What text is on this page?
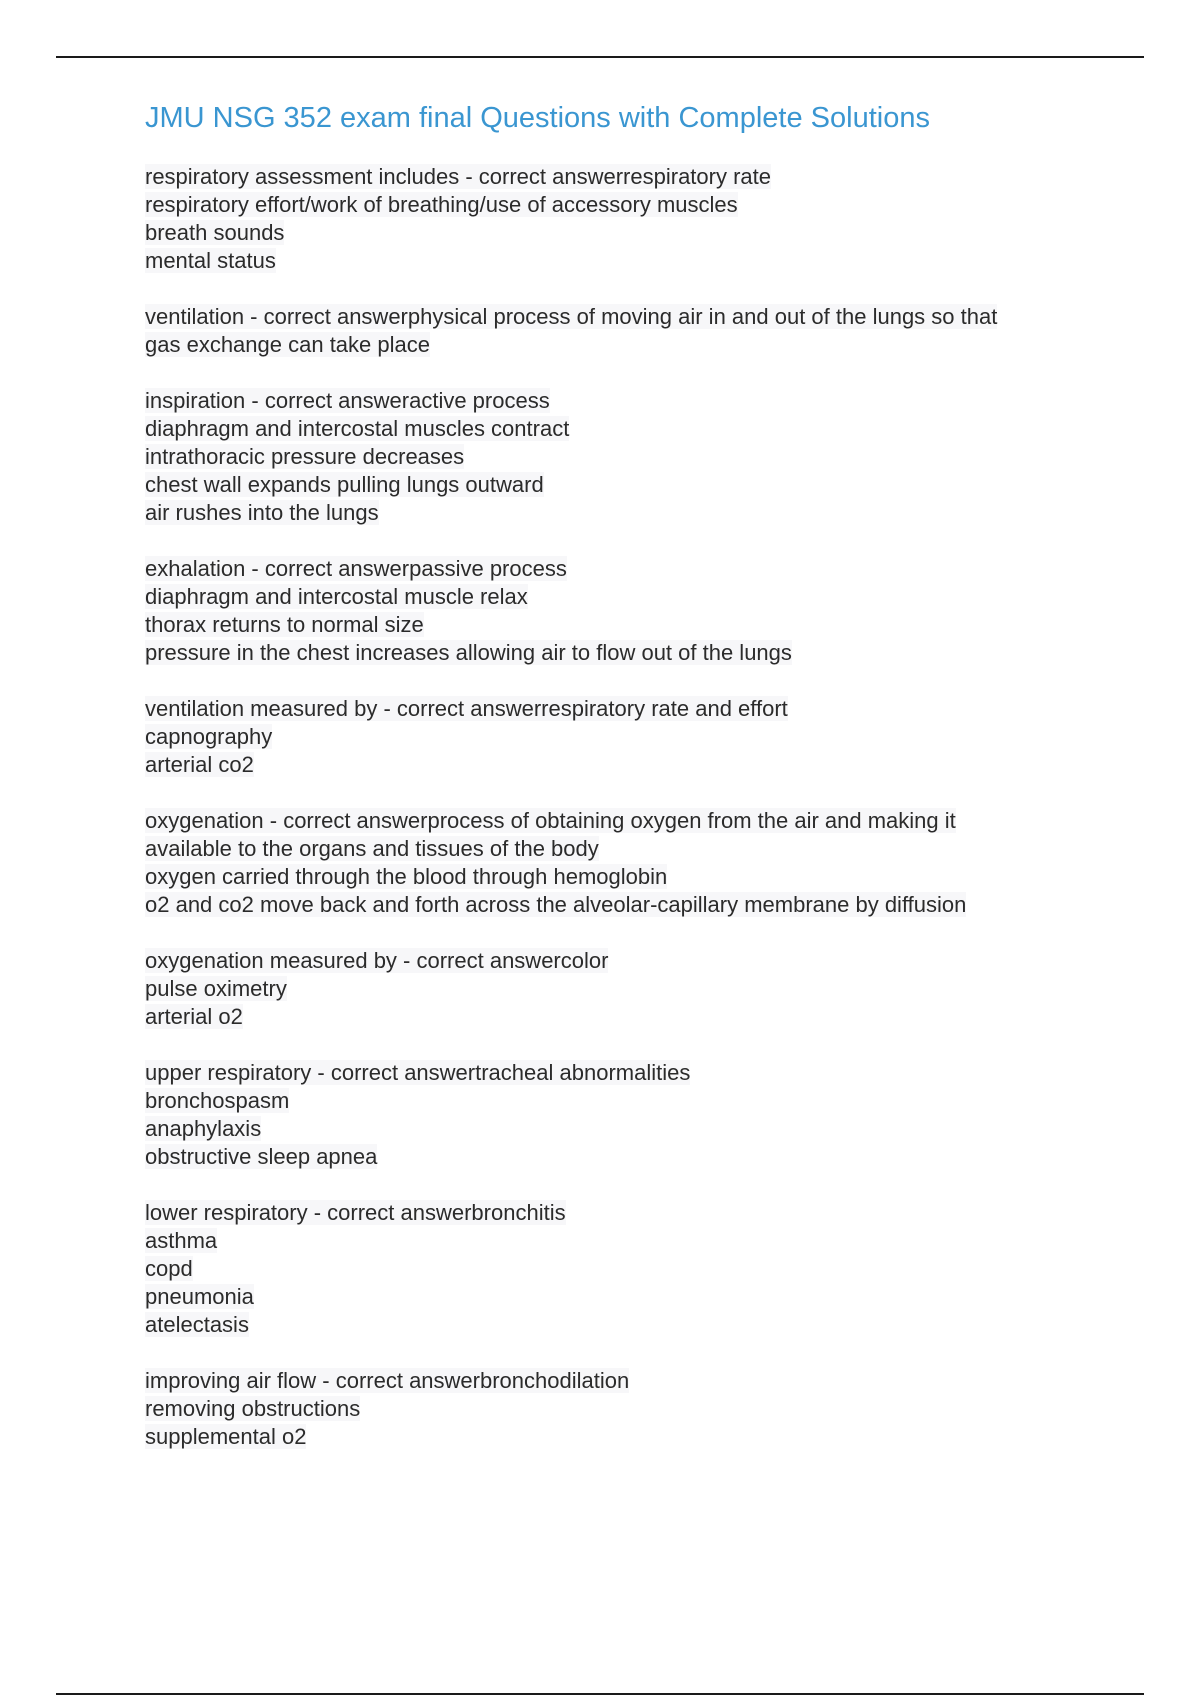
JMU NSG 352 exam final Questions with Complete Solutions
respiratory assessment includes - correct answerrespiratory rate
respiratory effort/work of breathing/use of accessory muscles
breath sounds
mental status
ventilation - correct answerphysical process of moving air in and out of the lungs so that
gas exchange can take place
inspiration - correct answeractive process
diaphragm and intercostal muscles contract
intrathoracic pressure decreases
chest wall expands pulling lungs outward
air rushes into the lungs
exhalation - correct answerpassive process
diaphragm and intercostal muscle relax
thorax returns to normal size
pressure in the chest increases allowing air to flow out of the lungs
ventilation measured by - correct answerrespiratory rate and effort
capnography
arterial co2
oxygenation - correct answerprocess of obtaining oxygen from the air and making it
available to the organs and tissues of the body
oxygen carried through the blood through hemoglobin
o2 and co2 move back and forth across the alveolar-capillary membrane by diffusion
oxygenation measured by - correct answercolor
pulse oximetry
arterial o2
upper respiratory - correct answertracheal abnormalities
bronchospasm
anaphylaxis
obstructive sleep apnea
lower respiratory - correct answerbronchitis
asthma
copd
pneumonia
atelectasis
improving air flow - correct answerbronchodilation
removing obstructions
supplemental o2
